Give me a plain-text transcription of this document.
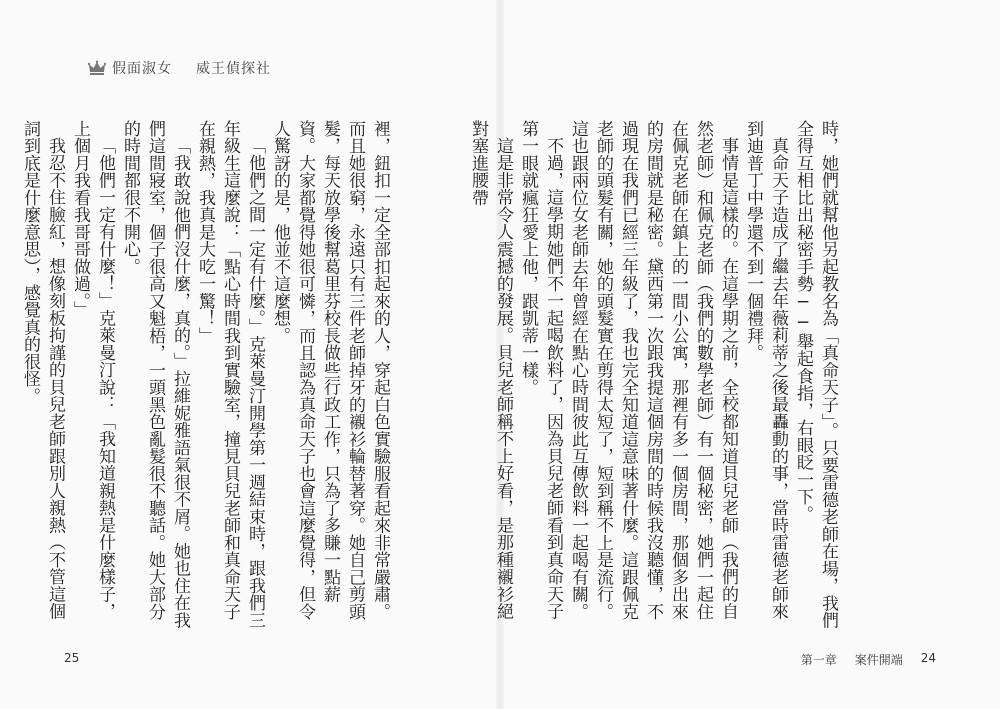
假面淑女 威王偵探社

裡，鈕扣一定全部扣起來的人，穿起白色實驗服看起來非常嚴肅。而且她很窮，永遠只有三件老師掉牙的襯衫輪替著穿。她自己剪頭髮，每天放學後幫葛里芬校長做些行政工作，只為了多賺一點薪資。大家都覺得她很可憐，而且認為真命天子也會這麼覺得，但令人驚訝的是，他並不這麼想。

「他們之間一定有什麼。」克萊曼汀開學第一週結束時，跟我們三年級生這麼說：「點心時間我到實驗室，撞見貝兒老師和真命天子在親熱，我真是大吃一驚！」

「我敢說他們沒什麼，真的。」拉維妮雅語氣很不屑。她也住在我們這間寢室，個子很高又魁梧，一頭黑色亂髮很不聽話。她大部分的時間都很不開心。

「他們一定有什麼！」克萊曼汀說：「我知道親熱是什麼樣子，上個月我看我哥哥做過。」

我忍不住臉紅，想像刻板拘謹的貝兒老師跟別人親熱（不管這個詞到底是什麼意思），感覺真的很怪。	時，她們就幫他另起教名為「真命天子」。只要雷德老師在場，我們全得互相比出秘密手勢──舉起食指，右眼眨一下。

真命天子造成了繼去年薇莉蒂之後最轟動的事，當時雷德老師來到迪普丁中學還不到一個禮拜。

事情是這樣的。在這學期之前，全校都知道貝兒老師（我們的自然老師）和佩克老師（我們的數學老師）有一個秘密，她們一起住在佩克老師在鎮上的一間小公寓，那裡有多一個房間，那個多出來的房間就是秘密。黛西第一次跟我提這個房間的時候我沒聽懂，不過現在我們已經三年級了，我也完全知道這意味著什麼。這跟佩克老師的頭髮有關，她的頭髮實在剪得太短了，短到稱不上是流行。這也跟兩位女老師去年曾經在點心時間彼此互傳飲料一起喝有關。

不過，這學期她們不一起喝飲料了，因為貝兒老師看到真命天子第一眼就瘋狂愛上他，跟凱蒂一樣。

這是非常令人震撼的發展。貝兒老師稱不上好看，是那種襯衫絕對塞進腰帶

25	第一章 案件開端 24
